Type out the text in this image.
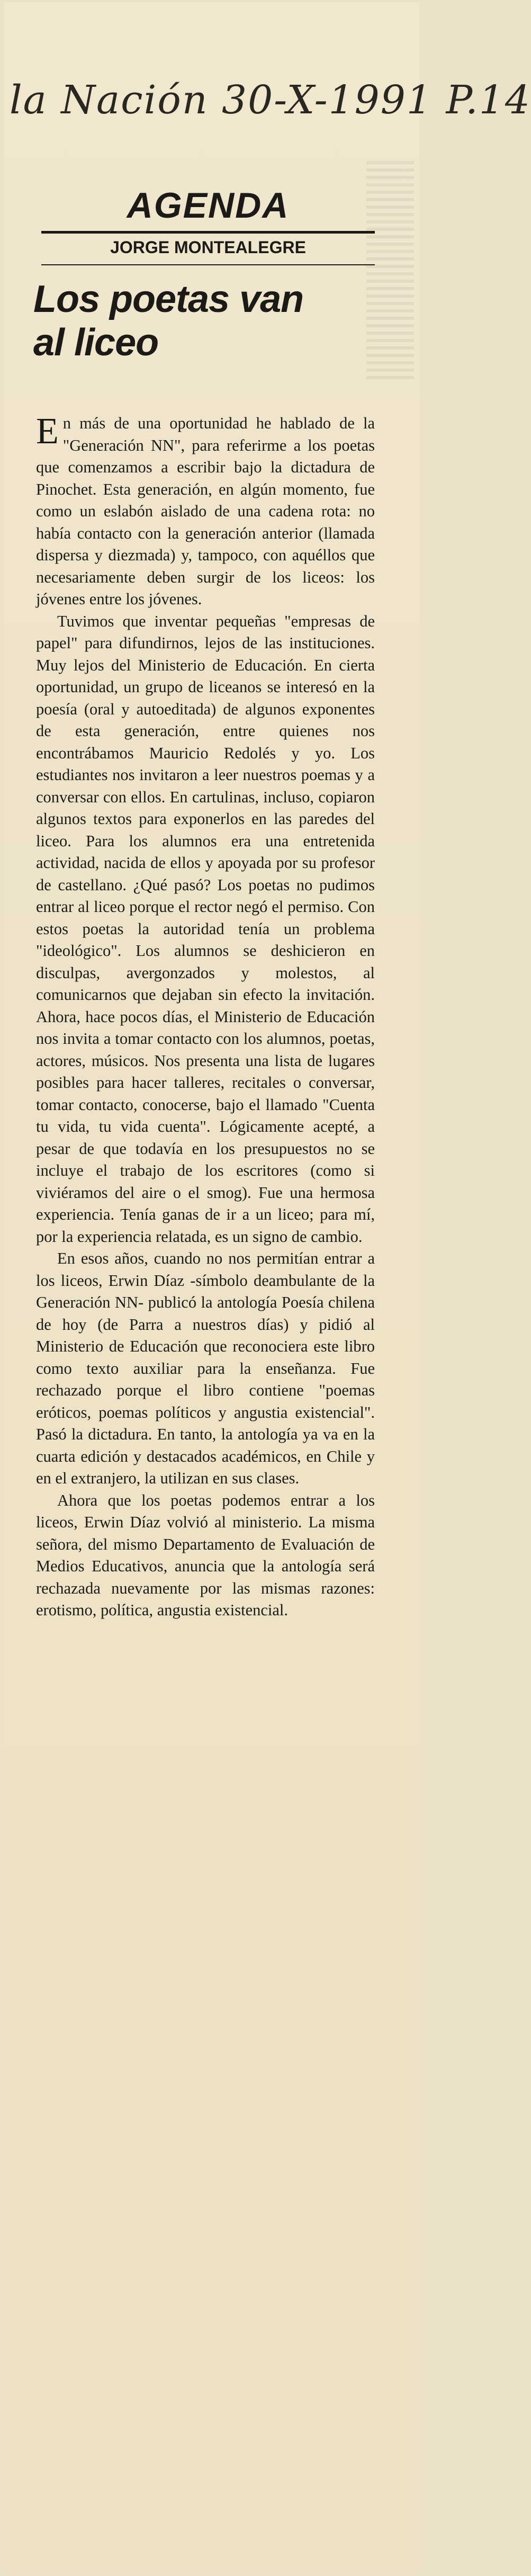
la Nación 30-X-1991 P.14
AGENDA
JORGE MONTEALEGRE
Los poetas van
al liceo

En más de una oportunidad he hablado de la "Generación NN", para referirme a los poetas que comenzamos a escribir bajo la dictadura de Pinochet. Esta generación, en algún momento, fue como un eslabón aislado de una cadena rota: no había contacto con la generación anterior (llamada dispersa y diezmada) y, tampoco, con aquéllos que necesariamente deben surgir de los liceos: los jóvenes entre los jóvenes.

Tuvimos que inventar pequeñas "empresas de papel" para difundirnos, lejos de las instituciones. Muy lejos del Ministerio de Educación. En cierta oportunidad, un grupo de liceanos se interesó en la poesía (oral y autoeditada) de algunos exponentes de esta generación, entre quienes nos encontrábamos Mauricio Redolés y yo. Los estudiantes nos invitaron a leer nuestros poemas y a conversar con ellos. En cartulinas, incluso, copiaron algunos textos para exponerlos en las paredes del liceo. Para los alumnos era una entretenida actividad, nacida de ellos y apoyada por su profesor de castellano. ¿Qué pasó? Los poetas no pudimos entrar al liceo porque el rector negó el permiso. Con estos poetas la autoridad tenía un problema "ideológico". Los alumnos se deshicieron en disculpas, avergonzados y molestos, al comunicarnos que dejaban sin efecto la invitación. Ahora, hace pocos días, el Ministerio de Educación nos invita a tomar contacto con los alumnos, poetas, actores, músicos. Nos presenta una lista de lugares posibles para hacer talleres, recitales o conversar, tomar contacto, conocerse, bajo el llamado "Cuenta tu vida, tu vida cuenta". Lógicamente acepté, a pesar de que todavía en los presupuestos no se incluye el trabajo de los escritores (como si viviéramos del aire o el smog). Fue una hermosa experiencia. Tenía ganas de ir a un liceo; para mí, por la experiencia relatada, es un signo de cambio.

En esos años, cuando no nos permitían entrar a los liceos, Erwin Díaz -símbolo deambulante de la Generación NN- publicó la antología Poesía chilena de hoy (de Parra a nuestros días) y pidió al Ministerio de Educación que reconociera este libro como texto auxiliar para la enseñanza. Fue rechazado porque el libro contiene "poemas eróticos, poemas políticos y angustia existencial". Pasó la dictadura. En tanto, la antología ya va en la cuarta edición y destacados académicos, en Chile y en el extranjero, la utilizan en sus clases.

Ahora que los poetas podemos entrar a los liceos, Erwin Díaz volvió al ministerio. La misma señora, del mismo Departamento de Evaluación de Medios Educativos, anuncia que la antología será rechazada nuevamente por las mismas razones: erotismo, política, angustia existencial.
